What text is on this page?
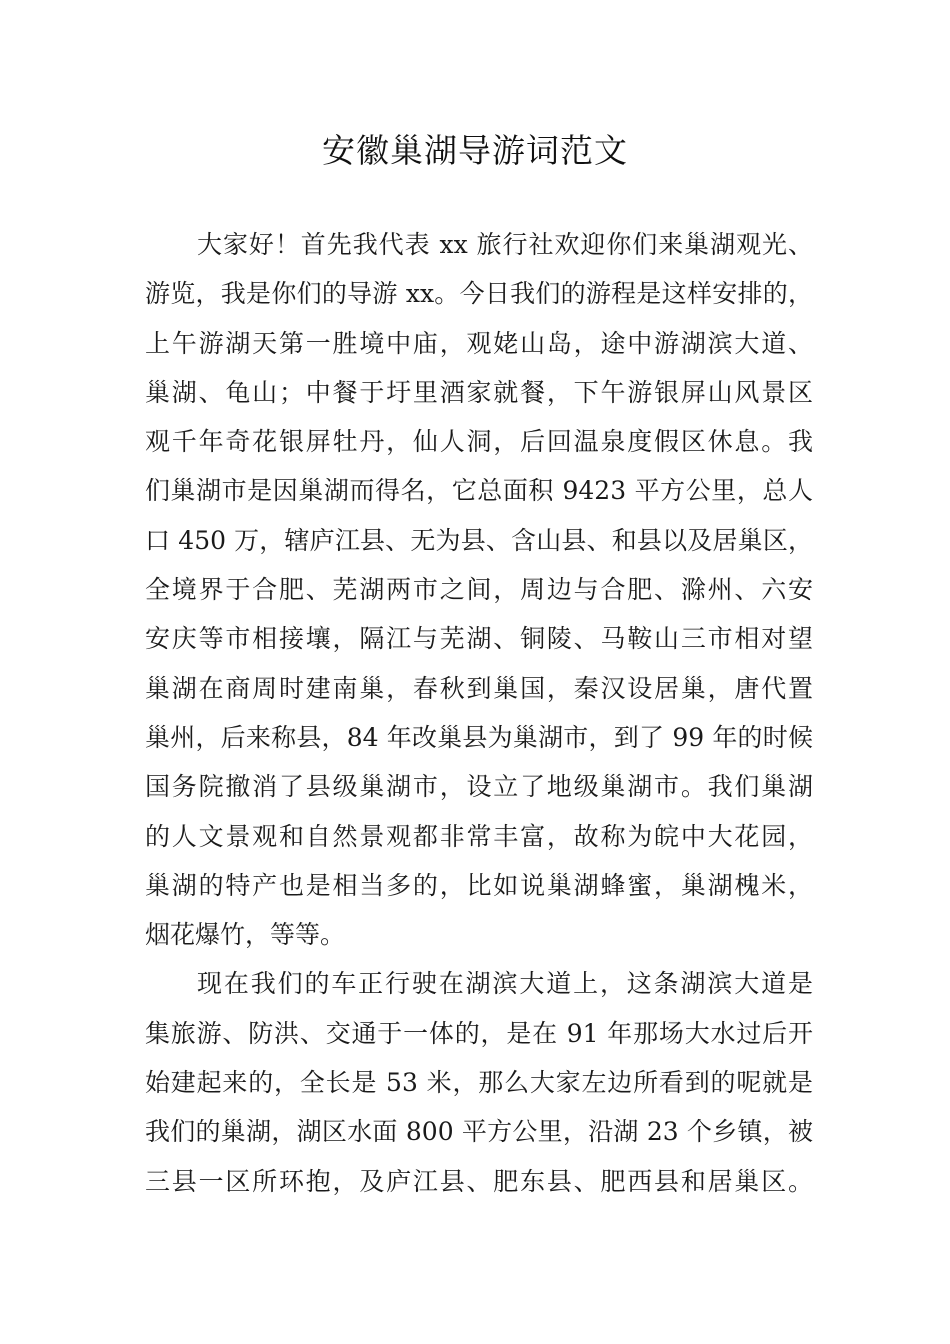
安徽巢湖导游词范文
大家好！首先我代表 xx 旅行社欢迎你们来巢湖观光、
游览，我是你们的导游 xx。今日我们的游程是这样安排的，
上午游湖天第一胜境中庙，观姥山岛，途中游湖滨大道、
巢湖、龟山；中餐于圩里酒家就餐，下午游银屏山风景区
观千年奇花银屏牡丹，仙人洞，后回温泉度假区休息。我
们巢湖市是因巢湖而得名，它总面积 9423 平方公里，总人
口 450 万，辖庐江县、无为县、含山县、和县以及居巢区，
全境界于合肥、芜湖两市之间，周边与合肥、滁州、六安
安庆等市相接壤，隔江与芜湖、铜陵、马鞍山三市相对望
巢湖在商周时建南巢，春秋到巢国，秦汉设居巢，唐代置
巢州，后来称县，84 年改巢县为巢湖市，到了 99 年的时候
国务院撤消了县级巢湖市，设立了地级巢湖市。我们巢湖
的人文景观和自然景观都非常丰富，故称为皖中大花园，
巢湖的特产也是相当多的，比如说巢湖蜂蜜，巢湖槐米，
烟花爆竹，等等。
现在我们的车正行驶在湖滨大道上，这条湖滨大道是
集旅游、防洪、交通于一体的，是在 91 年那场大水过后开
始建起来的，全长是 53 米，那么大家左边所看到的呢就是
我们的巢湖，湖区水面 800 平方公里，沿湖 23 个乡镇，被
三县一区所环抱，及庐江县、肥东县、肥西县和居巢区。
